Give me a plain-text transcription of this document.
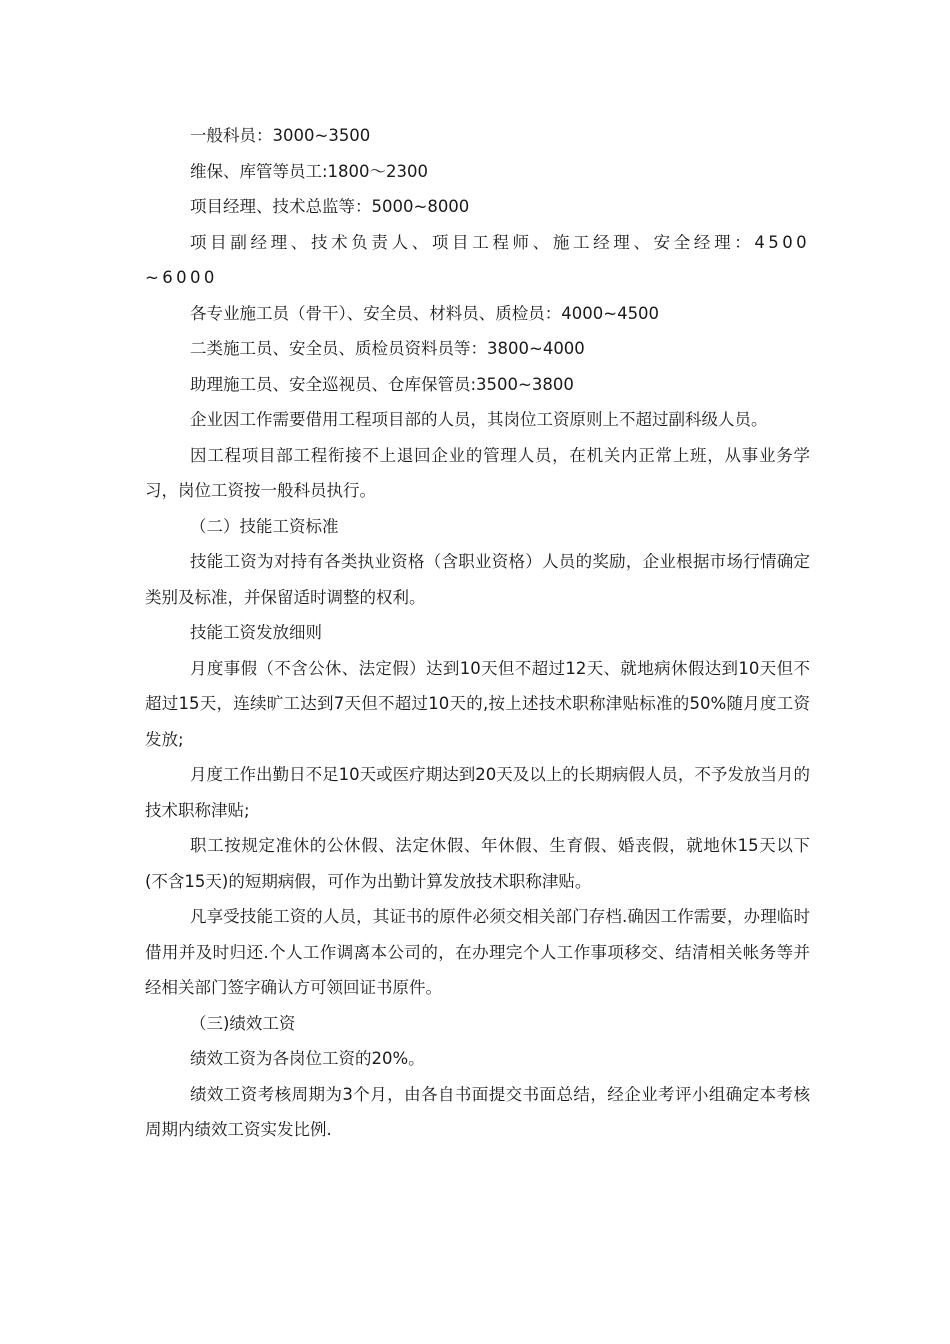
一般科员：3000~3500

维保、库管等员工:1800～2300

项目经理、技术总监等：5000~8000

项目副经理、技术负责人、项目工程师、施工经理、安全经理：4500~6000

各专业施工员（骨干）、安全员、材料员、质检员：4000~4500

二类施工员、安全员、质检员资料员等：3800~4000

助理施工员、安全巡视员、仓库保管员:3500~3800

企业因工作需要借用工程项目部的人员，其岗位工资原则上不超过副科级人员。

因工程项目部工程衔接不上退回企业的管理人员，在机关内正常上班，从事业务学习，岗位工资按一般科员执行。

（二）技能工资标准

技能工资为对持有各类执业资格（含职业资格）人员的奖励，企业根据市场行情确定类别及标准，并保留适时调整的权利。

技能工资发放细则

月度事假（不含公休、法定假）达到10天但不超过12天、就地病休假达到10天但不超过15天，连续旷工达到7天但不超过10天的,按上述技术职称津贴标准的50%随月度工资发放;

月度工作出勤日不足10天或医疗期达到20天及以上的长期病假人员，不予发放当月的技术职称津贴;

职工按规定准休的公休假、法定休假、年休假、生育假、婚丧假，就地休15天以下(不含15天)的短期病假，可作为出勤计算发放技术职称津贴。

凡享受技能工资的人员，其证书的原件必须交相关部门存档.确因工作需要，办理临时借用并及时归还.个人工作调离本公司的，在办理完个人工作事项移交、结清相关帐务等并经相关部门签字确认方可领回证书原件。

（三)绩效工资

绩效工资为各岗位工资的20%。

绩效工资考核周期为3个月，由各自书面提交书面总结，经企业考评小组确定本考核周期内绩效工资实发比例.
